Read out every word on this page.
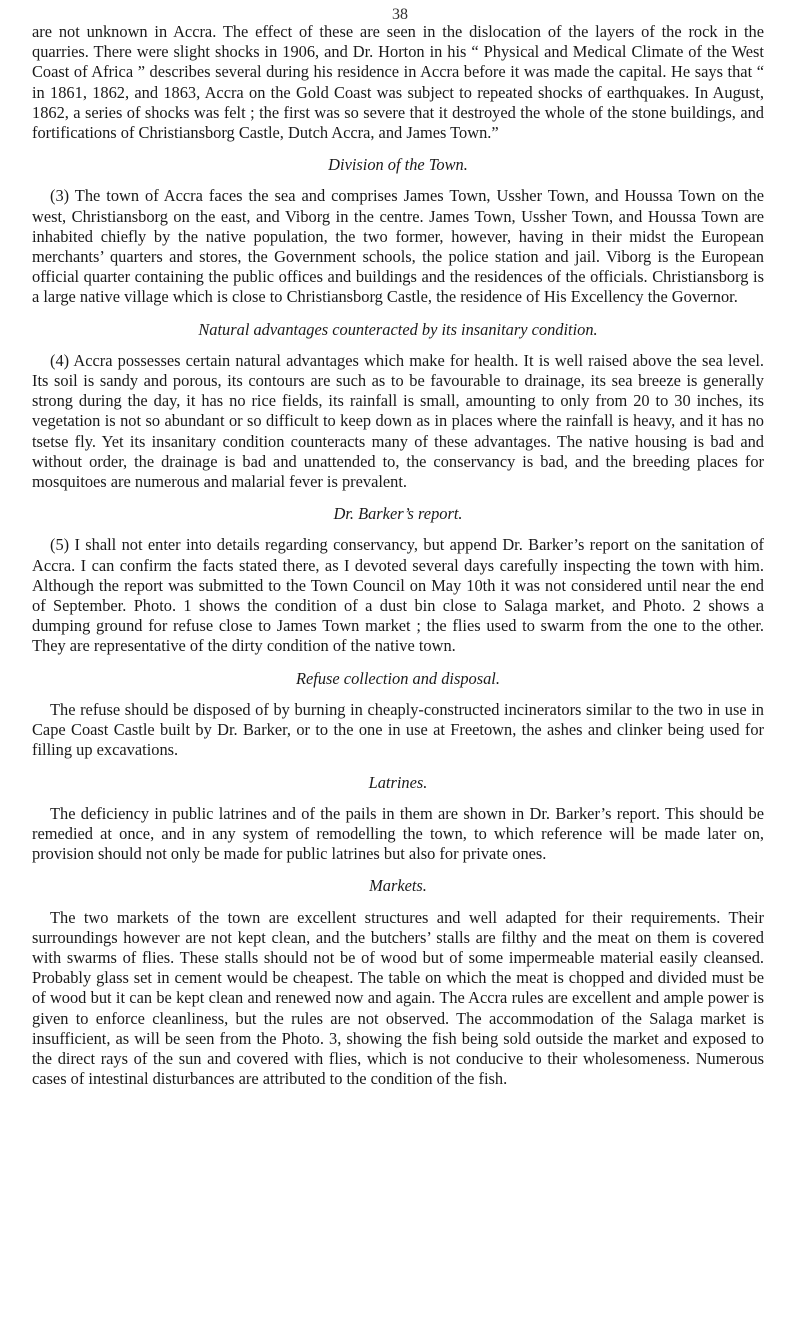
38

are not unknown in Accra. The effect of these are seen in the dislocation of the layers of the rock in the quarries. There were slight shocks in 1906, and Dr. Horton in his “ Physical and Medical Climate of the West Coast of Africa ” describes several during his residence in Accra before it was made the capital. He says that “ in 1861, 1862, and 1863, Accra on the Gold Coast was subject to repeated shocks of earthquakes. In August, 1862, a series of shocks was felt ; the first was so severe that it destroyed the whole of the stone buildings, and fortifications of Christiansborg Castle, Dutch Accra, and James Town.”

Division of the Town.

(3) The town of Accra faces the sea and comprises James Town, Ussher Town, and Houssa Town on the west, Christiansborg on the east, and Viborg in the centre. James Town, Ussher Town, and Houssa Town are inhabited chiefly by the native population, the two former, however, having in their midst the European merchants’ quarters and stores, the Government schools, the police station and jail. Viborg is the European official quarter containing the public offices and buildings and the residences of the officials. Christiansborg is a large native village which is close to Christiansborg Castle, the residence of His Excellency the Governor.

Natural advantages counteracted by its insanitary condition.

(4) Accra possesses certain natural advantages which make for health. It is well raised above the sea level. Its soil is sandy and porous, its contours are such as to be favourable to drainage, its sea breeze is generally strong during the day, it has no rice fields, its rainfall is small, amounting to only from 20 to 30 inches, its vegetation is not so abundant or so difficult to keep down as in places where the rainfall is heavy, and it has no tsetse fly. Yet its insanitary condition counteracts many of these advantages. The native housing is bad and without order, the drainage is bad and unattended to, the conservancy is bad, and the breeding places for mosquitoes are numerous and malarial fever is prevalent.

Dr. Barker’s report.

(5) I shall not enter into details regarding conservancy, but append Dr. Barker’s report on the sanitation of Accra. I can confirm the facts stated there, as I devoted several days carefully inspecting the town with him. Although the report was submitted to the Town Council on May 10th it was not considered until near the end of September. Photo. 1 shows the condition of a dust bin close to Salaga market, and Photo. 2 shows a dumping ground for refuse close to James Town market ; the flies used to swarm from the one to the other. They are representative of the dirty condition of the native town.

Refuse collection and disposal.

The refuse should be disposed of by burning in cheaply-constructed incinerators similar to the two in use in Cape Coast Castle built by Dr. Barker, or to the one in use at Freetown, the ashes and clinker being used for filling up excavations.

Latrines.

The deficiency in public latrines and of the pails in them are shown in Dr. Barker’s report. This should be remedied at once, and in any system of remodelling the town, to which reference will be made later on, provision should not only be made for public latrines but also for private ones.

Markets.

The two markets of the town are excellent structures and well adapted for their requirements. Their surroundings however are not kept clean, and the butchers’ stalls are filthy and the meat on them is covered with swarms of flies. These stalls should not be of wood but of some impermeable material easily cleansed. Probably glass set in cement would be cheapest. The table on which the meat is chopped and divided must be of wood but it can be kept clean and renewed now and again. The Accra rules are excellent and ample power is given to enforce cleanliness, but the rules are not observed. The accommodation of the Salaga market is insufficient, as will be seen from the Photo. 3, showing the fish being sold outside the market and exposed to the direct rays of the sun and covered with flies, which is not conducive to their wholesomeness. Numerous cases of intestinal disturbances are attributed to the condition of the fish.
